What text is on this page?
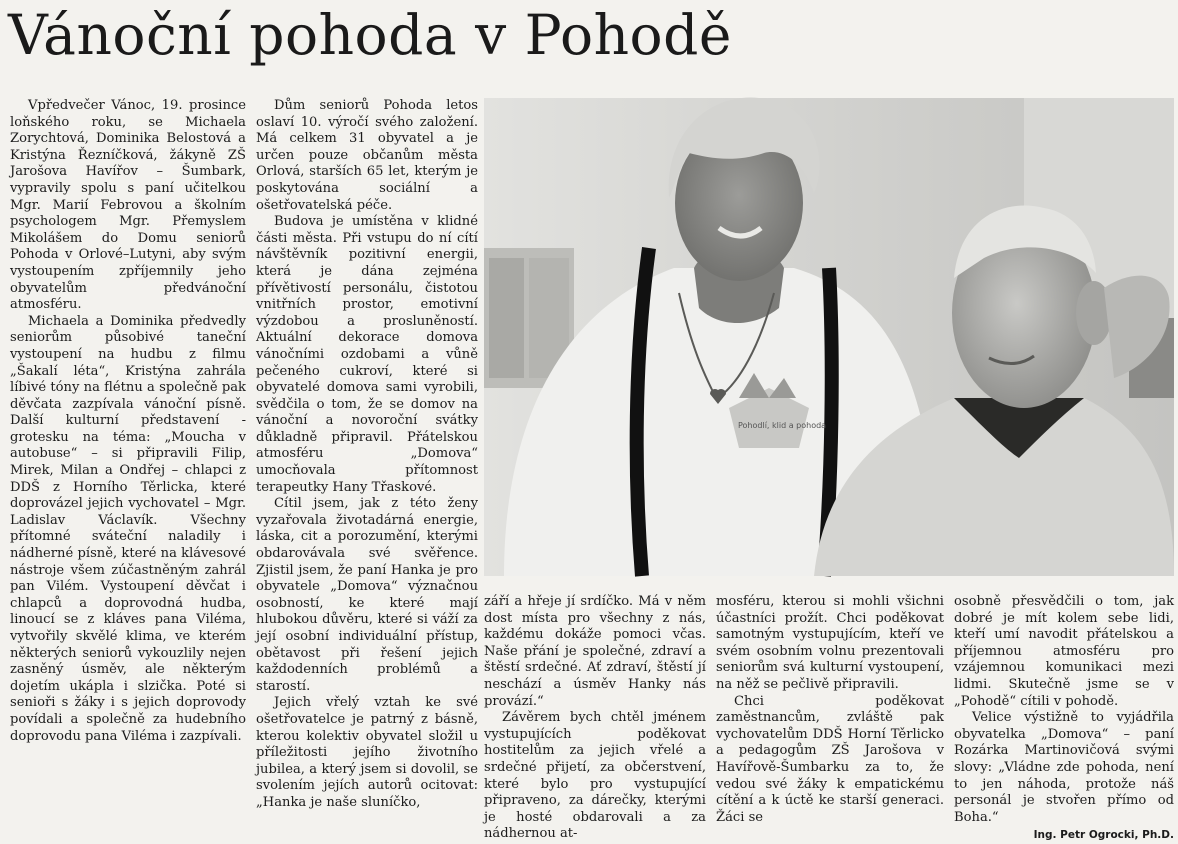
Vánoční pohoda v Pohodě

Vpředvečer Vánoc, 19. prosince loňského roku, se Michaela Zorychtová, Dominika Belostová a Kristýna Řezníčková, žákyně ZŠ Jarošova Havířov – Šumbark, vypravily spolu s paní učitelkou Mgr. Marií Febrovou a školním psychologem Mgr. Přemyslem Mikolášem do Domu seniorů Pohoda v Orlové–Lutyni, aby svým vystoupením zpříjemnily jeho obyvatelům předvánoční atmosféru.

Michaela a Dominika předvedly seniorům působivé taneční vystoupení na hudbu z filmu „Šakalí léta“, Kristýna zahrála líbivé tóny na flétnu a společně pak děvčata zazpívala vánoční písně. Další kulturní představení - grotesku na téma: „Moucha v autobuse“ – si připravili Filip, Mirek, Milan a Ondřej – chlapci z DDŠ z Horního Těrlicka, které doprovázel jejich vychovatel – Mgr. Ladislav Václavík. Všechny přítomné sváteční naladily i nádherné písně, které na klávesové nástroje všem zúčastněným zahrál pan Vilém. Vystoupení děvčat i chlapců a doprovodná hudba, linoucí se z kláves pana Viléma, vytvořily skvělé klima, ve kterém některých seniorů vykouzlily nejen zasněný úsměv, ale některým dojetím ukápla i slzička. Poté si senioři s žáky i s jejich doprovody povídali a společně za hudebního doprovodu pana Viléma i zazpívali.

Dům seniorů Pohoda letos oslaví 10. výročí svého založení. Má celkem 31 obyvatel a je určen pouze občanům města Orlová, starších 65 let, kterým je poskytována sociální a ošetřovatelská péče.

Budova je umístěna v klidné části města. Při vstupu do ní cítí návštěvník pozitivní energii, která je dána zejména přívětivostí personálu, čistotou vnitřních prostor, emotivní výzdobou a prosluněností. Aktuální dekorace domova vánočními ozdobami a vůně pečeného cukroví, které si obyvatelé domova sami vyrobili, svědčila o tom, že se domov na vánoční a novoroční svátky důkladně připravil. Přátelskou atmosféru „Domova“ umocňovala přítomnost terapeutky Hany Třaskové.

Cítil jsem, jak z této ženy vyzařovala životadárná energie, láska, cit a porozumění, kterými obdarovávala své svěřence. Zjistil jsem, že paní Hanka je pro obyvatele „Domova“ význačnou osobností, ke které mají hlubokou důvěru, které si váží za její osobní individuální přístup, obětavost při řešení jejich každodenních problémů a starostí.

Jejich vřelý vztah ke své ošetřovatelce je patrný z básně, kterou kolektiv obyvatel složil u příležitosti jejího životního jubilea, a který jsem si dovolil, se svolením jejích autorů ocitovat: „Hanka je naše sluníčko,

Pohodlí, klid a pohoda

září a hřeje jí srdíčko. Má v něm dost místa pro všechny z nás, každému dokáže pomoci včas. Naše přání je společné, zdraví a štěstí srdečné. Ať zdraví, štěstí jí neschází a úsměv Hanky nás provází.“

Závěrem bych chtěl jménem vystupujících poděkovat hostitelům za jejich vřelé a srdečné přijetí, za občerstvení, které bylo pro vystupující připraveno, za dárečky, kterými je hosté obdarovali a za nádhernou at-

mosféru, kterou si mohli všichni účastníci prožít. Chci poděkovat samotným vystupujícím, kteří ve svém osobním volnu prezentovali seniorům svá kulturní vystoupení, na něž se pečlivě připravili.

Chci poděkovat zaměstnancům, zvláště pak vychovatelům DDŠ Horní Těrlicko a pedagogům ZŠ Jarošova v Havířově-Šumbarku za to, že vedou své žáky k empatickému cítění a k úctě ke starší generaci. Žáci se

osobně přesvědčili o tom, jak dobré je mít kolem sebe lidi, kteří umí navodit přátelskou a příjemnou atmosféru pro vzájemnou komunikaci mezi lidmi. Skutečně jsme se v „Pohodě“ cítili v pohodě.

Velice výstižně to vyjádřila obyvatelka „Domova“ – paní Rozárka Martinovičová svými slovy: „Vládne zde pohoda, není to jen náhoda, protože náš personál je stvořen přímo od Boha.“

Ing. Petr Ogrocki, Ph.D.
